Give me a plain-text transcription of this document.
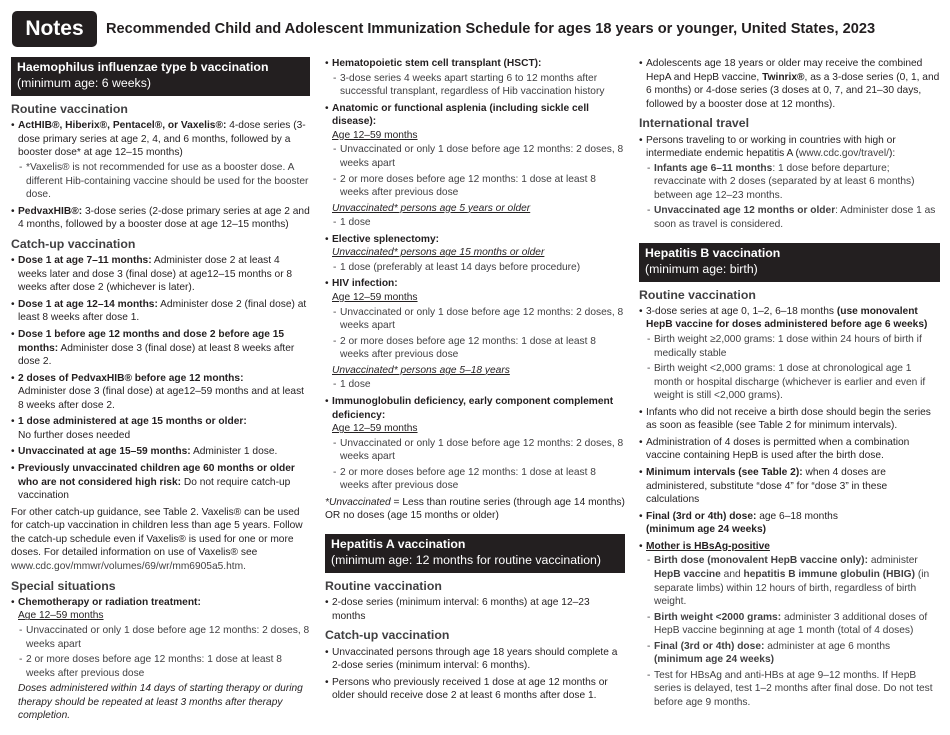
Notes	Recommended Child and Adolescent Immunization Schedule for ages 18 years or younger, United States, 2023
Haemophilus influenzae type b vaccination
(minimum age: 6 weeks)
Routine vaccination
• ActHIB®, Hiberix®, Pentacel®, or Vaxelis®: 4-dose series (3-dose primary series at age 2, 4, and 6 months, followed by a booster dose* at age 12–15 months)
- *Vaxelis® is not recommended for use as a booster dose. A different Hib-containing vaccine should be used for the booster dose.
• PedvaxHIB®: 3-dose series (2-dose primary series at age 2 and 4 months, followed by a booster dose at age 12–15 months)
Catch-up vaccination
• Dose 1 at age 7–11 months: Administer dose 2 at least 4 weeks later and dose 3 (final dose) at age12–15 months or 8 weeks after dose 2 (whichever is later).
• Dose 1 at age 12–14 months: Administer dose 2 (final dose) at least 8 weeks after dose 1.
• Dose 1 before age 12 months and dose 2 before age 15 months: Administer dose 3 (final dose) at least 8 weeks after dose 2.
• 2 doses of PedvaxHIB® before age 12 months:
Administer dose 3 (final dose) at age12–59 months and at least 8 weeks after dose 2.
• 1 dose administered at age 15 months or older:
No further doses needed
• Unvaccinated at age 15–59 months: Administer 1 dose.
• Previously unvaccinated children age 60 months or older who are not considered high risk: Do not require catch-up vaccination

For other catch-up guidance, see Table 2. Vaxelis® can be used for catch-up vaccination in children less than age 5 years. Follow the catch-up schedule even if Vaxelis® is used for one or more doses. For detailed information on use of Vaxelis® see www.cdc.gov/mmwr/volumes/69/wr/mm6905a5.htm.

Special situations
• Chemotherapy or radiation treatment:
Age 12–59 months
- Unvaccinated or only 1 dose before age 12 months: 2 doses, 8 weeks apart
- 2 or more doses before age 12 months: 1 dose at least 8 weeks after previous dose
Doses administered within 14 days of starting therapy or during therapy should be repeated at least 3 months after therapy completion.
• Hematopoietic stem cell transplant (HSCT):
- 3-dose series 4 weeks apart starting 6 to 12 months after successful transplant, regardless of Hib vaccination history
• Anatomic or functional asplenia (including sickle cell disease):
Age 12–59 months
- Unvaccinated or only 1 dose before age 12 months: 2 doses, 8 weeks apart
- 2 or more doses before age 12 months: 1 dose at least 8 weeks after previous dose
Unvaccinated* persons age 5 years or older
- 1 dose
• Elective splenectomy:
Unvaccinated* persons age 15 months or older
- 1 dose (preferably at least 14 days before procedure)
• HIV infection:
Age 12–59 months
- Unvaccinated or only 1 dose before age 12 months: 2 doses, 8 weeks apart
- 2 or more doses before age 12 months: 1 dose at least 8 weeks after previous dose
Unvaccinated* persons age 5–18 years
- 1 dose
• Immunoglobulin deficiency, early component complement deficiency:
Age 12–59 months
- Unvaccinated or only 1 dose before age 12 months: 2 doses, 8 weeks apart
- 2 or more doses before age 12 months: 1 dose at least 8 weeks after previous dose

*Unvaccinated = Less than routine series (through age 14 months) OR no doses (age 15 months or older)

Hepatitis A vaccination
(minimum age: 12 months for routine vaccination)
Routine vaccination
• 2-dose series (minimum interval: 6 months) at age 12–23 months
Catch-up vaccination
• Unvaccinated persons through age 18 years should complete a 2-dose series (minimum interval: 6 months).
• Persons who previously received 1 dose at age 12 months or older should receive dose 2 at least 6 months after dose 1.
• Adolescents age 18 years or older may receive the combined HepA and HepB vaccine, Twinrix®, as a 3-dose series (0, 1, and 6 months) or 4-dose series (3 doses at 0, 7, and 21–30 days, followed by a booster dose at 12 months).
International travel
• Persons traveling to or working in countries with high or intermediate endemic hepatitis A (www.cdc.gov/travel/):
- Infants age 6–11 months: 1 dose before departure; revaccinate with 2 doses (separated by at least 6 months) between age 12–23 months.
- Unvaccinated age 12 months or older: Administer dose 1 as soon as travel is considered.
Hepatitis B vaccination
(minimum age: birth)
Routine vaccination
• 3-dose series at age 0, 1–2, 6–18 months (use monovalent HepB vaccine for doses administered before age 6 weeks)
- Birth weight ≥2,000 grams: 1 dose within 24 hours of birth if medically stable
- Birth weight <2,000 grams: 1 dose at chronological age 1 month or hospital discharge (whichever is earlier and even if weight is still <2,000 grams).
• Infants who did not receive a birth dose should begin the series as soon as feasible (see Table 2 for minimum intervals).
• Administration of 4 doses is permitted when a combination vaccine containing HepB is used after the birth dose.
• Minimum intervals (see Table 2): when 4 doses are administered, substitute “dose 4” for “dose 3” in these calculations
• Final (3rd or 4th) dose: age 6–18 months
(minimum age 24 weeks)
• Mother is HBsAg-positive
- Birth dose (monovalent HepB vaccine only): administer HepB vaccine and hepatitis B immune globulin (HBIG) (in separate limbs) within 12 hours of birth, regardless of birth weight.
- Birth weight <2000 grams: administer 3 additional doses of HepB vaccine beginning at age 1 month (total of 4 doses)
- Final (3rd or 4th) dose: administer at age 6 months (minimum age 24 weeks)
- Test for HBsAg and anti-HBs at age 9–12 months. If HepB series is delayed, test 1–2 months after final dose. Do not test before age 9 months.
